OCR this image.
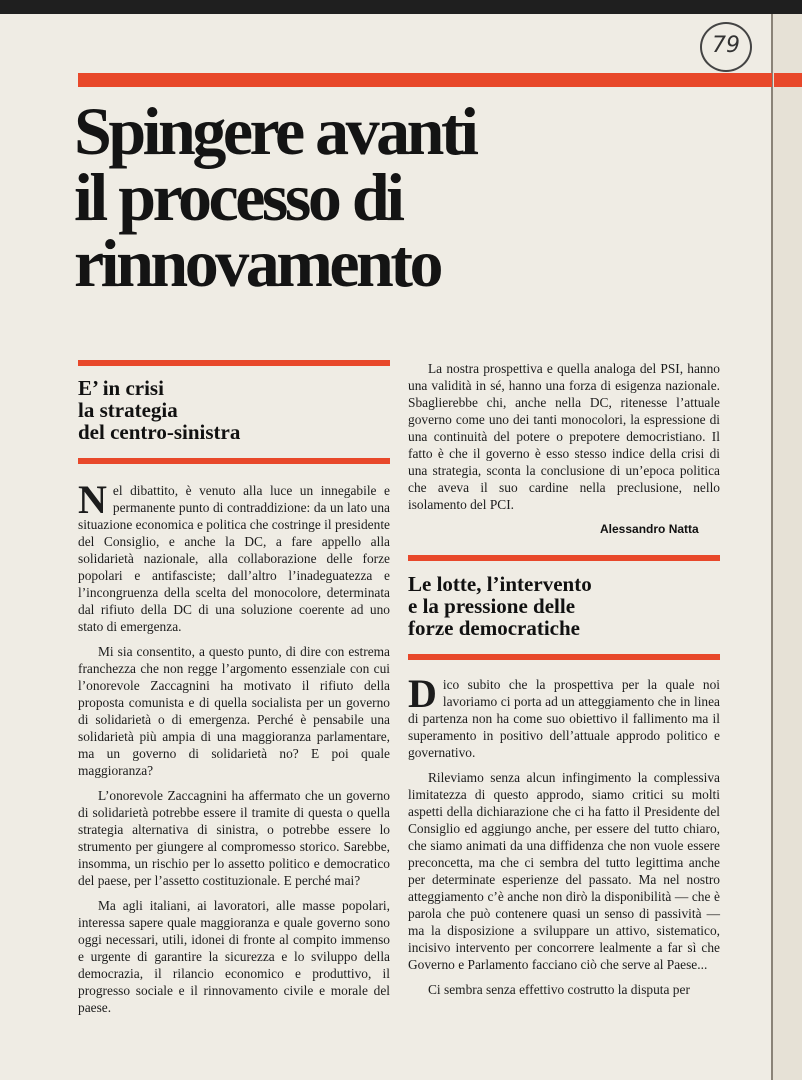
79
Spingere avanti
il processo di
rinnovamento
E’ in crisi
la strategia
del centro-sinistra

Nel dibattito, è venuto alla luce un innegabile e permanente punto di contraddizione: da un lato una situazione economica e politica che costringe il presidente del Consiglio, e anche la DC, a fare appello alla solidarietà nazionale, alla collaborazione delle forze popolari e antifasciste; dall’altro l’inadeguatezza e l’incongruenza della scelta del monocolore, determinata dal rifiuto della DC di una soluzione coerente ad uno stato di emergenza.

Mi sia consentito, a questo punto, di dire con estrema franchezza che non regge l’argomento essenziale con cui l’onorevole Zaccagnini ha motivato il rifiuto della proposta comunista e di quella socialista per un governo di solidarietà o di emergenza. Perché è pensabile una solidarietà più ampia di una maggioranza parlamentare, ma un governo di solidarietà no? E poi quale maggioranza?

L’onorevole Zaccagnini ha affermato che un governo di solidarietà potrebbe essere il tramite di questa o quella strategia alternativa di sinistra, o potrebbe essere lo strumento per giungere al compromesso storico. Sarebbe, insomma, un rischio per lo assetto politico e democratico del paese, per l’assetto costituzionale. E perché mai?

Ma agli italiani, ai lavoratori, alle masse popolari, interessa sapere quale maggioranza e quale governo sono oggi necessari, utili, idonei di fronte al compito immenso e urgente di garantire la sicurezza e lo sviluppo della democrazia, il rilancio economico e produttivo, il progresso sociale e il rinnovamento civile e morale del paese.

La nostra prospettiva e quella analoga del PSI, hanno una validità in sé, hanno una forza di esigenza nazionale. Sbaglierebbe chi, anche nella DC, ritenesse l’attuale governo come uno dei tanti monocolori, la espressione di una continuità del potere o prepotere democristiano. Il fatto è che il governo è esso stesso indice della crisi di una strategia, sconta la conclusione di un’epoca politica che aveva il suo cardine nella preclusione, nello isolamento del PCI.

Alessandro Natta

Le lotte, l’intervento
e la pressione delle
forze democratiche

Dico subito che la prospettiva per la quale noi lavoriamo ci porta ad un atteggiamento che in linea di partenza non ha come suo obiettivo il fallimento ma il superamento in positivo dell’attuale approdo politico e governativo.

Rileviamo senza alcun infingimento la complessiva limitatezza di questo approdo, siamo critici su molti aspetti della dichiarazione che ci ha fatto il Presidente del Consiglio ed aggiungo anche, per essere del tutto chiaro, che siamo animati da una diffidenza che non vuole essere preconcetta, ma che ci sembra del tutto legittima anche per determinate esperienze del passato. Ma nel nostro atteggiamento c’è anche non dirò la disponibilità — che è parola che può contenere quasi un senso di passività — ma la disposizione a sviluppare un attivo, sistematico, incisivo intervento per concorrere lealmente a far sì che Governo e Parlamento facciano ciò che serve al Paese...

Ci sembra senza effettivo costrutto la disputa per
